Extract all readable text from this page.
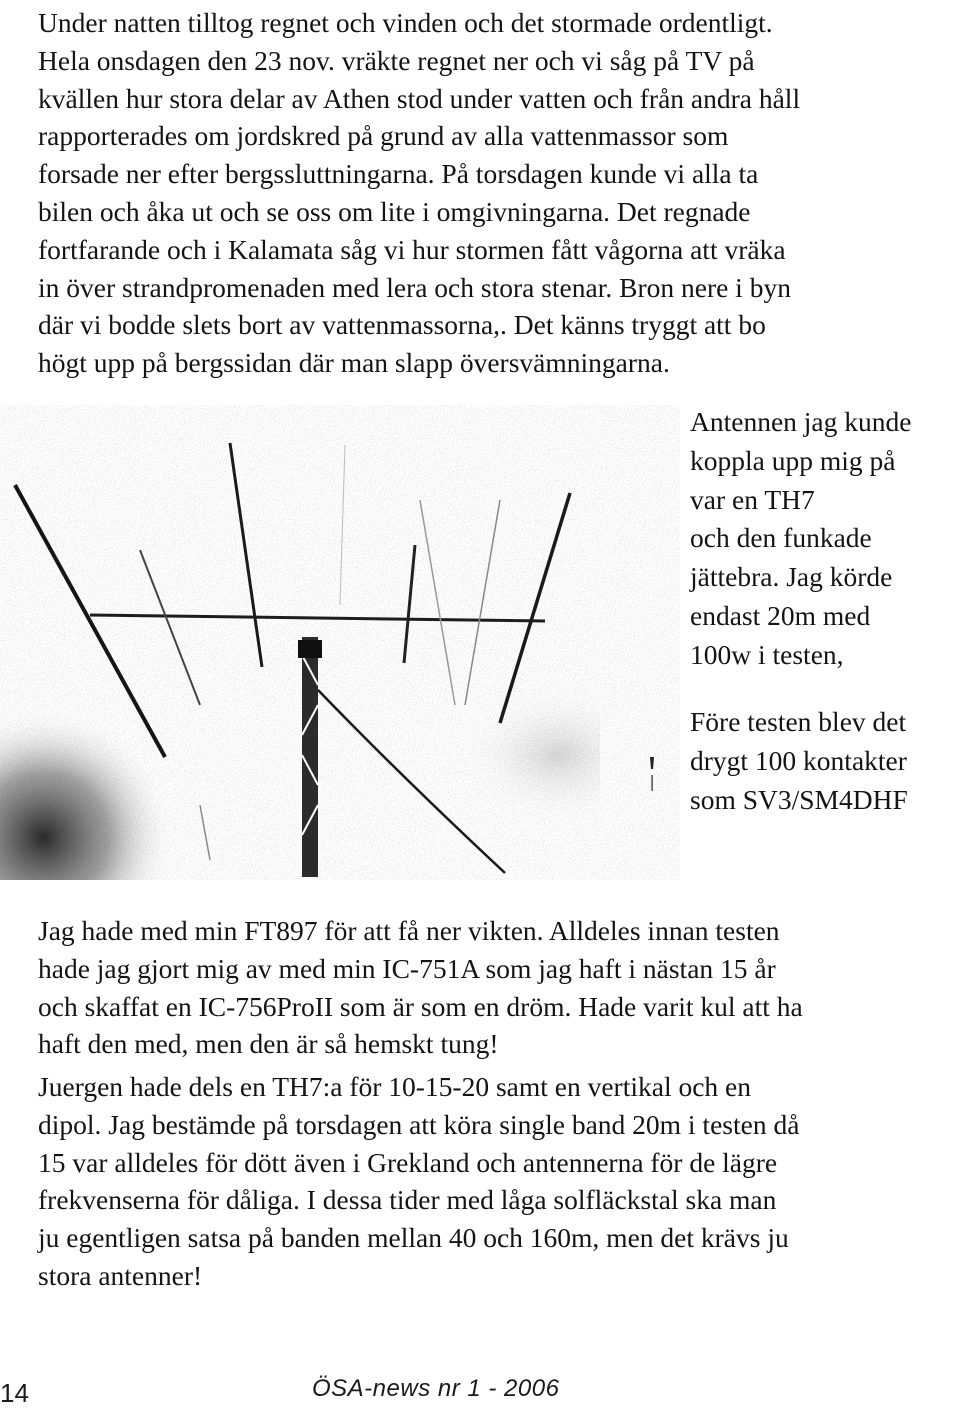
Under natten tilltog regnet och vinden och det stormade ordentligt.
Hela onsdagen den 23 nov. vräkte regnet ner och vi såg på TV på
kvällen hur stora delar av Athen stod under vatten och från andra håll
rapporterades om jordskred på grund av alla vattenmassor som
forsade ner efter bergssluttningarna. På torsdagen kunde vi alla ta
bilen och åka ut och se oss om lite i omgivningarna. Det regnade
fortfarande och i Kalamata såg vi hur stormen fått vågorna att vräka
in över strandpromenaden med lera och stora stenar. Bron nere i byn
där vi bodde slets bort av vattenmassorna,. Det känns tryggt att bo
högt upp på bergssidan där man slapp översvämningarna.

Antennen jag kunde
koppla upp mig på
var en TH7
och den funkade
jättebra. Jag körde
endast 20m med
100w i testen,
Före testen blev det
drygt 100 kontakter
som SV3/SM4DHF

Jag hade med min FT897 för att få ner vikten. Alldeles innan testen
hade jag gjort mig av med min IC-751A som jag haft i nästan 15 år
och skaffat en IC-756ProII som är som en dröm. Hade varit kul att ha
haft den med, men den är så hemskt tung!

Juergen hade dels en TH7:a för 10-15-20 samt en vertikal och en
dipol. Jag bestämde på torsdagen att köra single band 20m i testen då
15 var alldeles för dött även i Grekland och antennerna för de lägre
frekvenserna för dåliga. I dessa tider med låga solfläckstal ska man
ju egentligen satsa på banden mellan 40 och 160m, men det krävs ju
stora antenner!

14	ÖSA-news nr 1 - 2006
